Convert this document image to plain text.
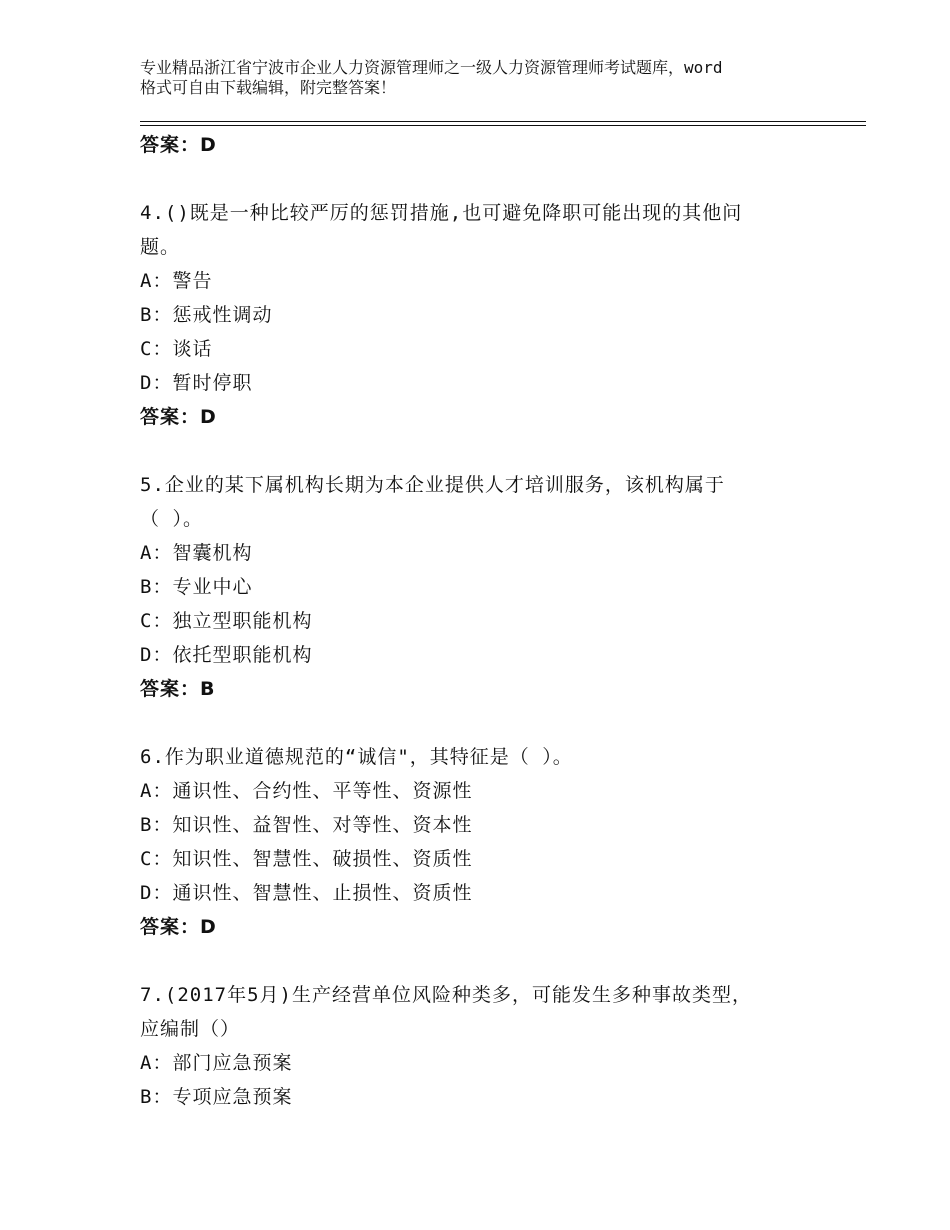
专业精品浙江省宁波市企业人力资源管理师之一级人力资源管理师考试题库，word
格式可自由下载编辑，附完整答案！
答案：D
4.()既是一种比较严厉的惩罚措施,也可避免降职可能出现的其他问
题。
A：警告
B：惩戒性调动
C：谈话
D：暂时停职
答案：D
5.企业的某下属机构长期为本企业提供人才培训服务，该机构属于
（ ）。
A：智囊机构
B：专业中心
C：独立型职能机构
D：依托型职能机构
答案：B
6.作为职业道德规范的“诚信"，其特征是（ ）。
A：通识性、合约性、平等性、资源性
B：知识性、益智性、对等性、资本性
C：知识性、智慧性、破损性、资质性
D：通识性、智慧性、止损性、资质性
答案：D
7.(2017年5月)生产经营单位风险种类多，可能发生多种事故类型，
应编制（）
A：部门应急预案
B：专项应急预案
